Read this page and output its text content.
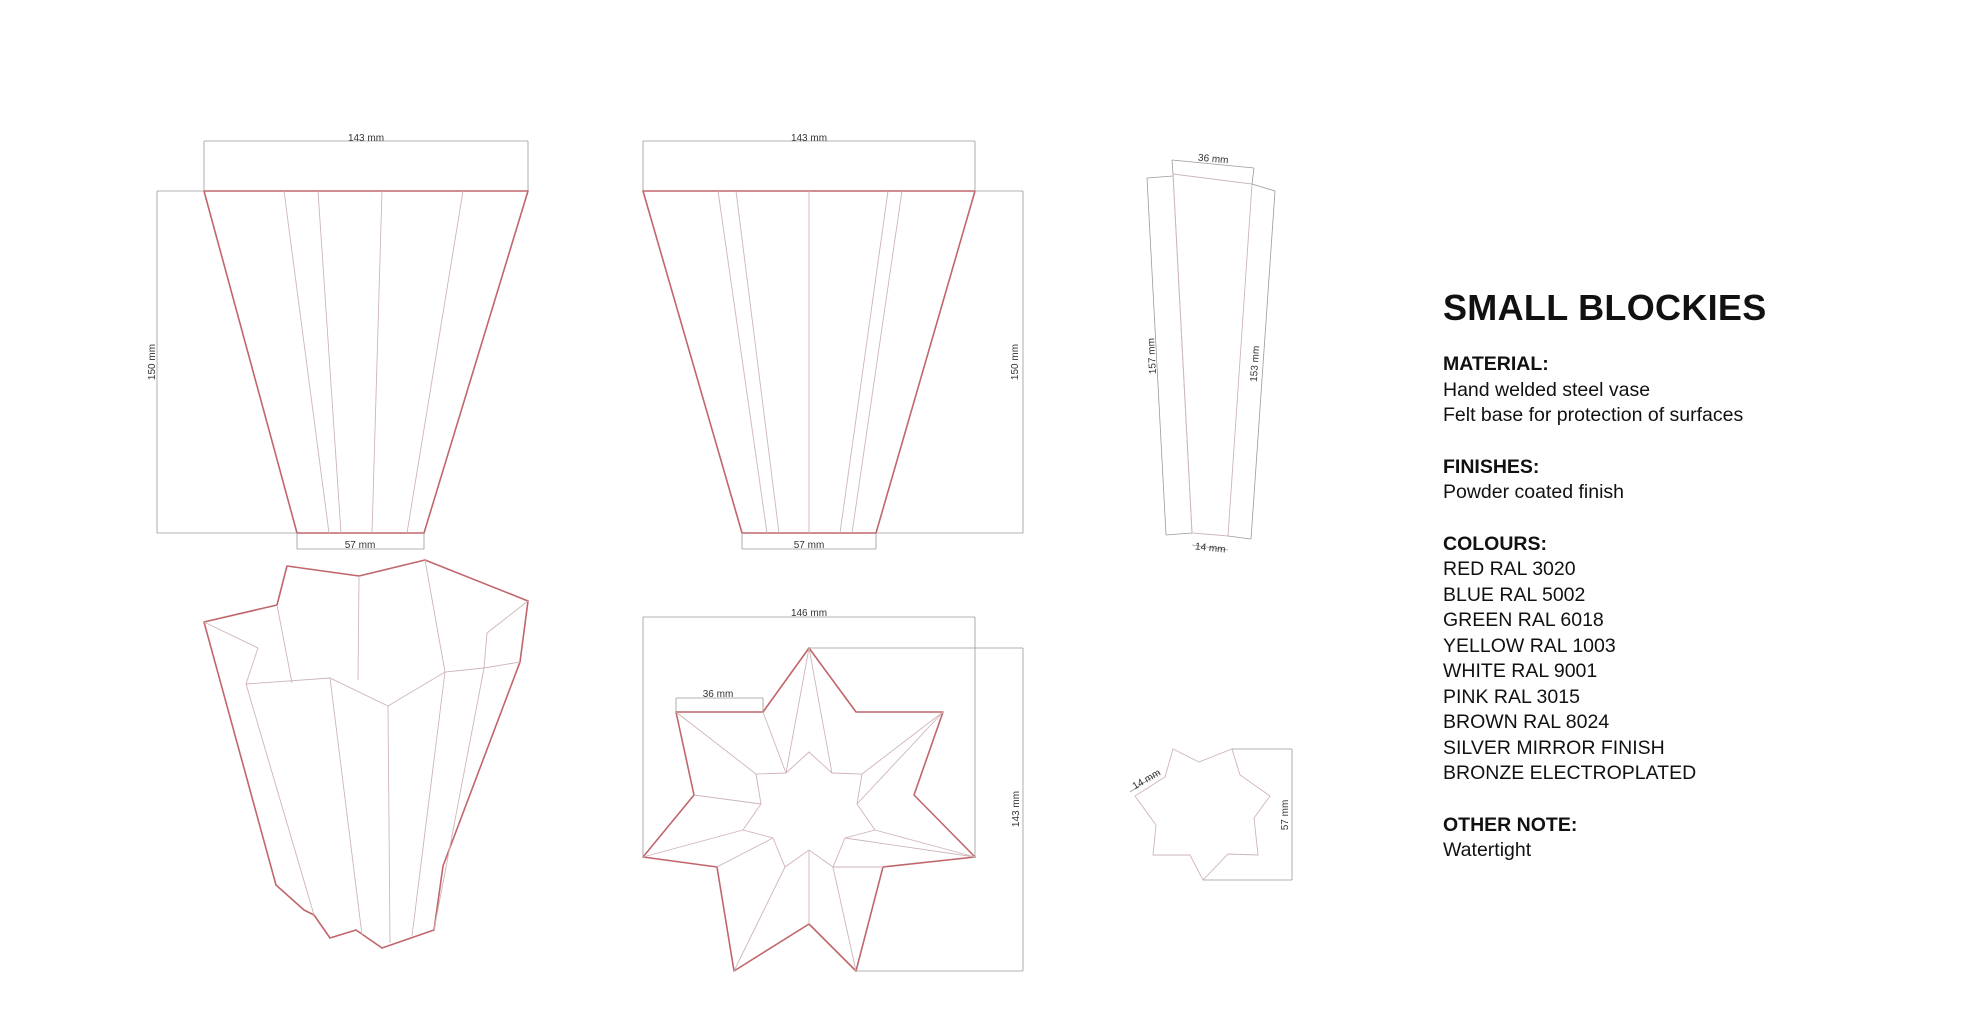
143 mm
150 mm
57 mm
143 mm
150 mm
57 mm
36 mm
157 mm	153 mm
14 mm
146 mm
143 mm
36 mm
57 mm
14 mm
SMALL BLOCKIES
MATERIAL:
Hand welded steel vase
Felt base for protection of surfaces
FINISHES:
Powder coated finish
COLOURS:
RED RAL 3020
BLUE RAL 5002
GREEN RAL 6018
YELLOW RAL 1003
WHITE RAL 9001
PINK RAL 3015
BROWN RAL 8024
SILVER MIRROR FINISH
BRONZE ELECTROPLATED
OTHER NOTE:
Watertight
